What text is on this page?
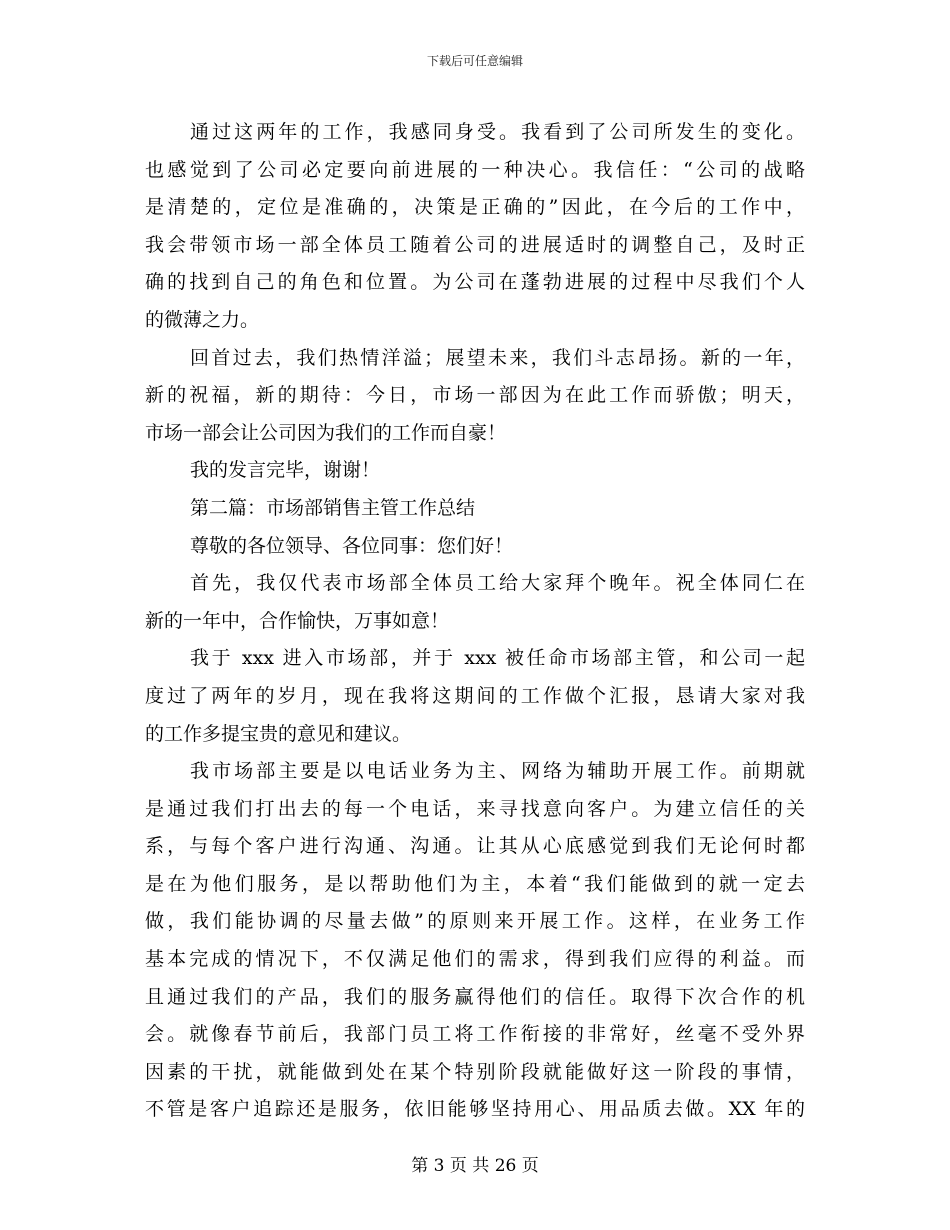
下载后可任意编辑
通过这两年的工作，我感同身受。我看到了公司所发生的变化。
也感觉到了公司必定要向前进展的一种决心。我信任：“公司的战略
是清楚的，定位是准确的，决策是正确的”因此，在今后的工作中，
我会带领市场一部全体员工随着公司的进展适时的调整自己，及时正
确的找到自己的角色和位置。为公司在蓬勃进展的过程中尽我们个人
的微薄之力。
回首过去，我们热情洋溢；展望未来，我们斗志昂扬。新的一年，
新的祝福，新的期待：今日，市场一部因为在此工作而骄傲；明天，
市场一部会让公司因为我们的工作而自豪！
我的发言完毕，谢谢！
第二篇：市场部销售主管工作总结
尊敬的各位领导、各位同事：您们好！
首先，我仅代表市场部全体员工给大家拜个晚年。祝全体同仁在
新的一年中，合作愉快，万事如意！
我于 xxx 进入市场部，并于 xxx 被任命市场部主管，和公司一起
度过了两年的岁月，现在我将这期间的工作做个汇报，恳请大家对我
的工作多提宝贵的意见和建议。
我市场部主要是以电话业务为主、网络为辅助开展工作。前期就
是通过我们打出去的每一个电话，来寻找意向客户。为建立信任的关
系，与每个客户进行沟通、沟通。让其从心底感觉到我们无论何时都
是在为他们服务，是以帮助他们为主，本着“我们能做到的就一定去
做，我们能协调的尽量去做”的原则来开展工作。这样，在业务工作
基本完成的情况下，不仅满足他们的需求，得到我们应得的利益。而
且通过我们的产品，我们的服务赢得他们的信任。取得下次合作的机
会。就像春节前后，我部门员工将工作衔接的非常好，丝毫不受外界
因素的干扰，就能做到处在某个特别阶段就能做好这一阶段的事情，
不管是客户追踪还是服务，依旧能够坚持用心、用品质去做。XX 年的
第 3 页 共 26 页
